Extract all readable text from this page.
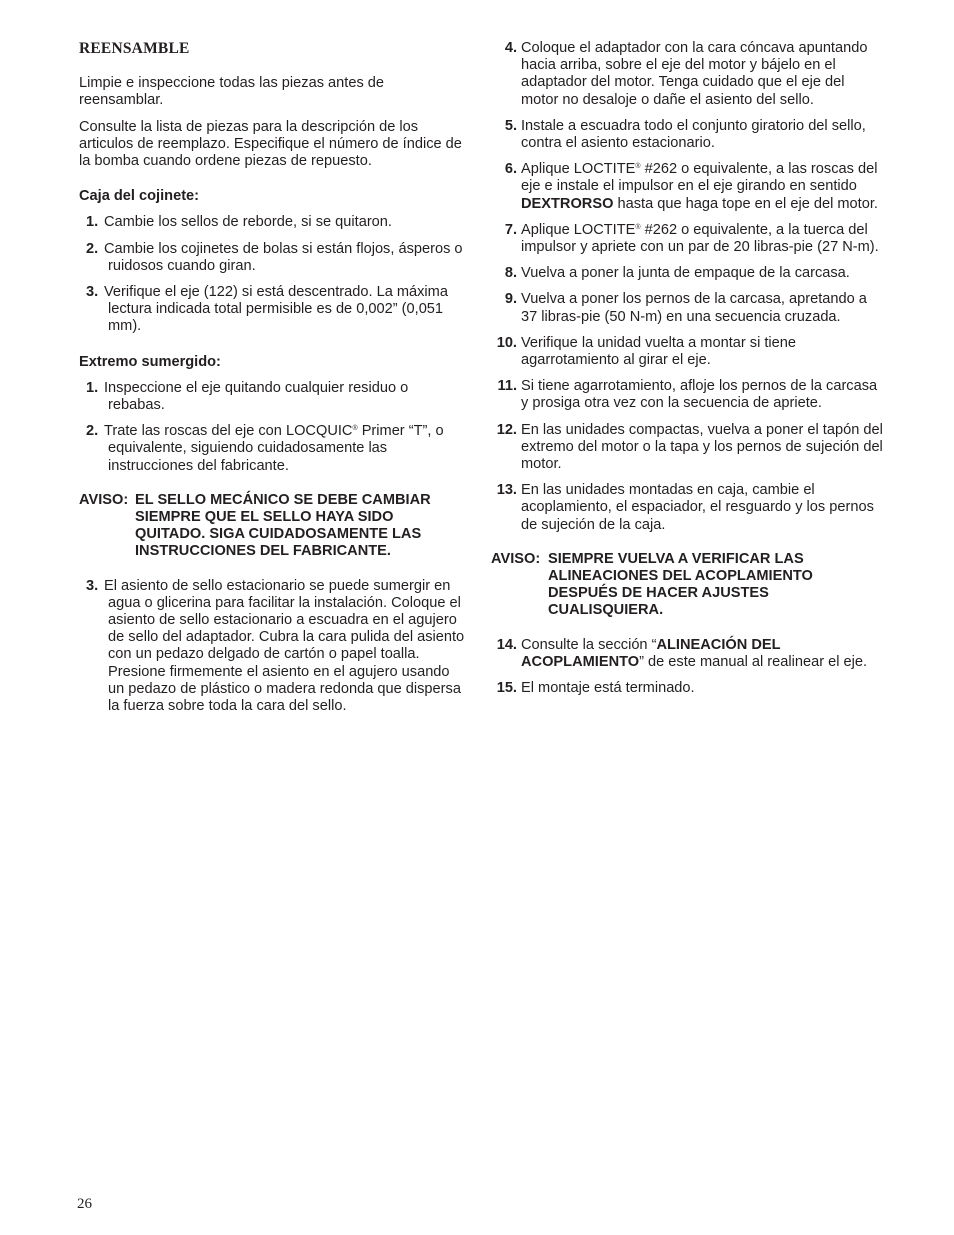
REENSAMBLE

Limpie e inspeccione todas las piezas antes de reensamblar.

Consulte la lista de piezas para la descripción de los articulos de reemplazo. Especifique el número de índice de la bomba cuando ordene piezas de repuesto.

Caja del cojinete:
1. Cambie los sellos de reborde, si se quitaron.
2. Cambie los cojinetes de bolas si están flojos, ásperos o ruidosos cuando giran.
3. Verifique el eje (122) si está descentrado. La máxima lectura indicada total permisible es de 0,002” (0,051 mm).
Extremo sumergido:
1. Inspeccione el eje quitando cualquier residuo o rebabas.
2. Trate las roscas del eje con LOCQUIC® Primer “T”, o equivalente, siguiendo cuidadosamente las instrucciones del fabricante.
AVISO: EL SELLO MECÁNICO SE DEBE CAMBIAR SIEMPRE QUE EL SELLO HAYA SIDO QUITADO. SIGA CUIDADOSAMENTE LAS INSTRUCCIONES DEL FABRICANTE.
3. El asiento de sello estacionario se puede sumergir en agua o glicerina para facilitar la instalación. Coloque el asiento de sello estacionario a escuadra en el agujero de sello del adaptador. Cubra la cara pulida del asiento con un pedazo delgado de cartón o papel toalla. Presione firmemente el asiento en el agujero usando un pedazo de plástico o madera redonda que dispersa la fuerza sobre toda la cara del sello.
4. Coloque el adaptador con la cara cóncava apuntando hacia arriba, sobre el eje del motor y bájelo en el adaptador del motor. Tenga cuidado que el eje del motor no desaloje o dañe el asiento del sello.
5. Instale a escuadra todo el conjunto giratorio del sello, contra el asiento estacionario.
6. Aplique LOCTITE® #262 o equivalente, a las roscas del eje e instale el impulsor en el eje girando en sentido DEXTRORSO hasta que haga tope en el eje del motor.
7. Aplique LOCTITE® #262 o equivalente, a la tuerca del impulsor y apriete con un par de 20 libras-pie (27 N-m).
8. Vuelva a poner la junta de empaque de la carcasa.
9. Vuelva a poner los pernos de la carcasa, apretando a 37 libras-pie (50 N-m) en una secuencia cruzada.
10. Verifique la unidad vuelta a montar si tiene agarrotamiento al girar el eje.
11. Si tiene agarrotamiento, afloje los pernos de la carcasa y prosiga otra vez con la secuencia de apriete.
12. En las unidades compactas, vuelva a poner el tapón del extremo del motor o la tapa y los pernos de sujeción del motor.
13. En las unidades montadas en caja, cambie el acoplamiento, el espaciador, el resguardo y los pernos de sujeción de la caja.
AVISO: SIEMPRE VUELVA A VERIFICAR LAS ALINEACIONES DEL ACOPLAMIENTO DESPUÉS DE HACER AJUSTES CUALISQUIERA.
14. Consulte la sección “ALINEACIÓN DEL ACOPLAMIENTO” de este manual al realinear el eje.
15. El montaje está terminado.
26
